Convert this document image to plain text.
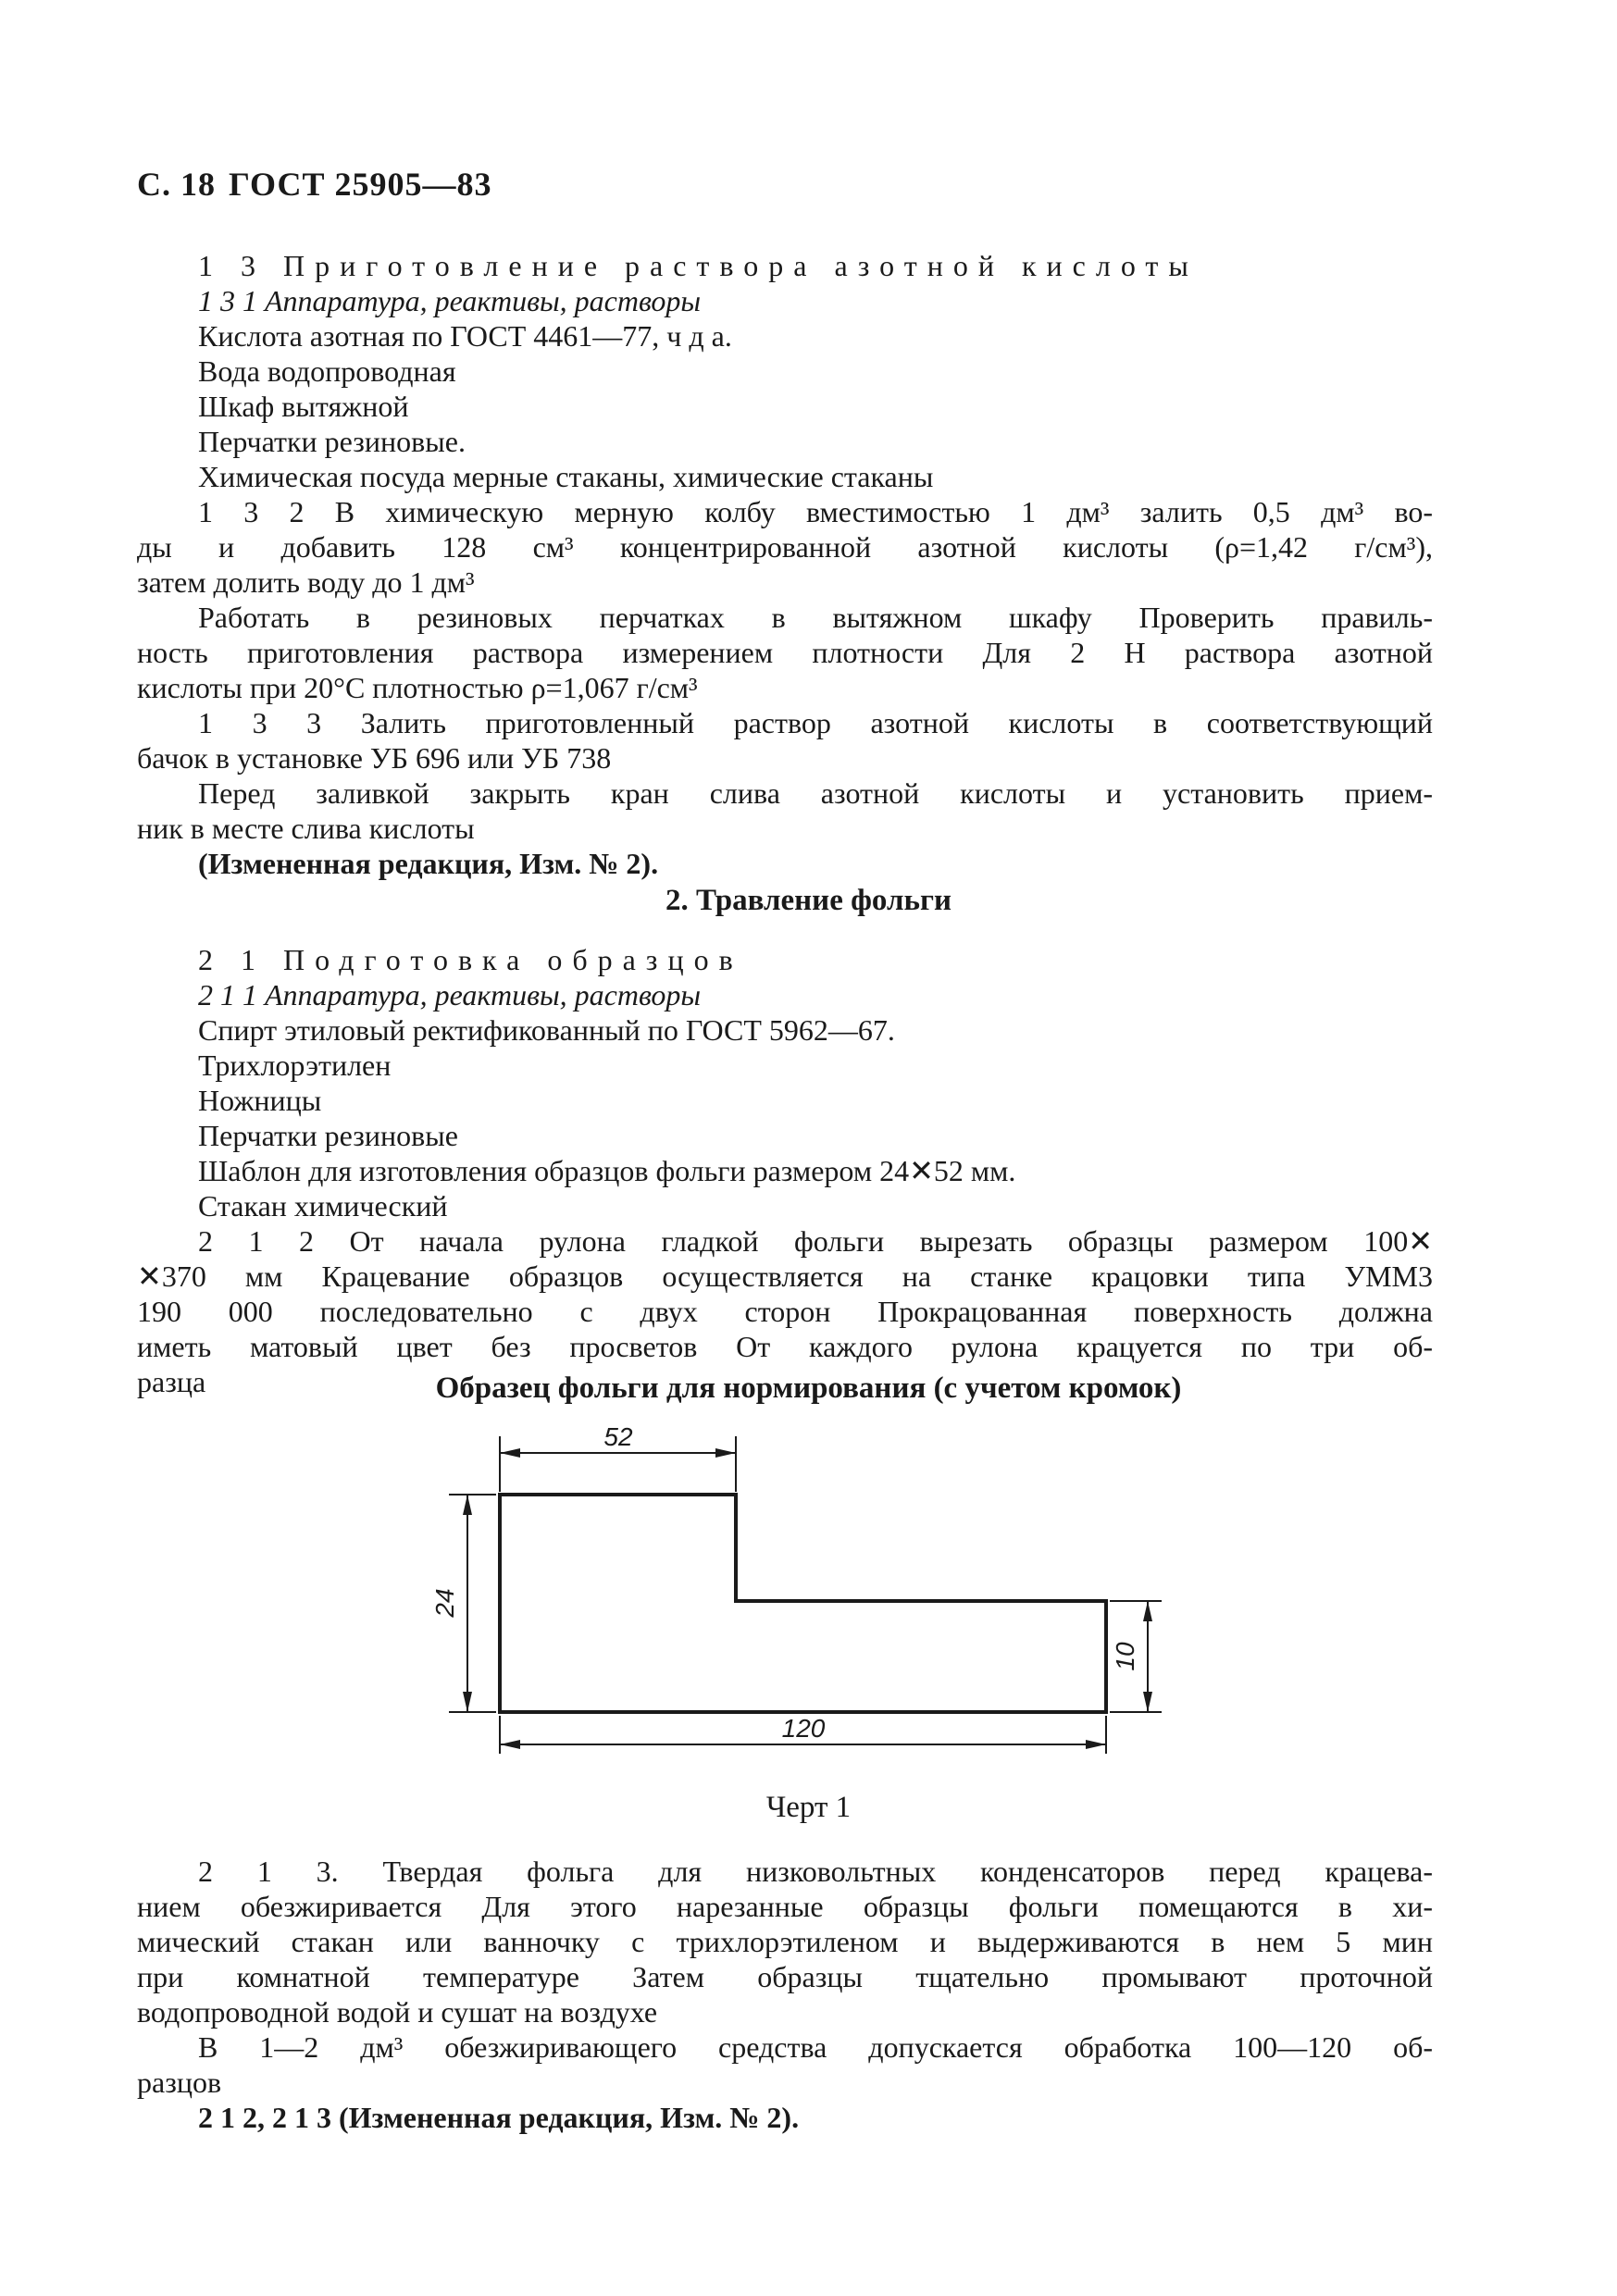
С. 18 ГОСТ 25905—83
1 3 Приготовление раствора азотной кислоты
1 3 1 Аппаратура, реактивы, растворы
Кислота азотная по ГОСТ 4461—77, ч д а.
Вода водопроводная
Шкаф вытяжной
Перчатки резиновые.
Химическая посуда мерные стаканы, химические стаканы
1 3 2 В химическую мерную колбу вместимостью 1 дм³ залить 0,5 дм³ во-
ды и добавить 128 см³ концентрированной азотной кислоты (ρ=1,42 г/см³),
затем долить воду до 1 дм³
Работать в резиновых перчатках в вытяжном шкафу Проверить правиль-
ность приготовления раствора измерением плотности Для 2 Н раствора азотной
кислоты при 20°C плотностью ρ=1,067 г/см³
1 3 3 Залить приготовленный раствор азотной кислоты в соответствующий
бачок в установке УБ 696 или УБ 738
Перед заливкой закрыть кран слива азотной кислоты и установить прием-
ник в месте слива кислоты
(Измененная редакция, Изм. № 2).
2. Травление фольги
2 1 Подготовка образцов
2 1 1 Аппаратура, реактивы, растворы
Спирт этиловый ректификованный по ГОСТ 5962—67.
Трихлорэтилен
Ножницы
Перчатки резиновые
Шаблон для изготовления образцов фольги размером 24✕52 мм.
Стакан химический
2 1 2 От начала рулона гладкой фольги вырезать образцы размером 100✕
✕370 мм Крацевание образцов осуществляется на станке крацовки типа УММ3
190 000 последовательно с двух сторон Прокрацованная поверхность должна
иметь матовый цвет без просветов От каждого рулона крацуется по три об-
разца	Образец фольги для нормирования (с учетом кромок)
52
24
10
120
Черт 1
2 1 3. Твердая фольга для низковольтных конденсаторов перед крацева-
нием обезжиривается Для этого нарезанные образцы фольги помещаются в хи-
мический стакан или ванночку с трихлорэтиленом и выдерживаются в нем 5 мин
при комнатной температуре Затем образцы тщательно промывают проточной
водопроводной водой и сушат на воздухе
В 1—2 дм³ обезжиривающего средства допускается обработка 100—120 об-
разцов
2 1 2, 2 1 3 (Измененная редакция, Изм. № 2).
